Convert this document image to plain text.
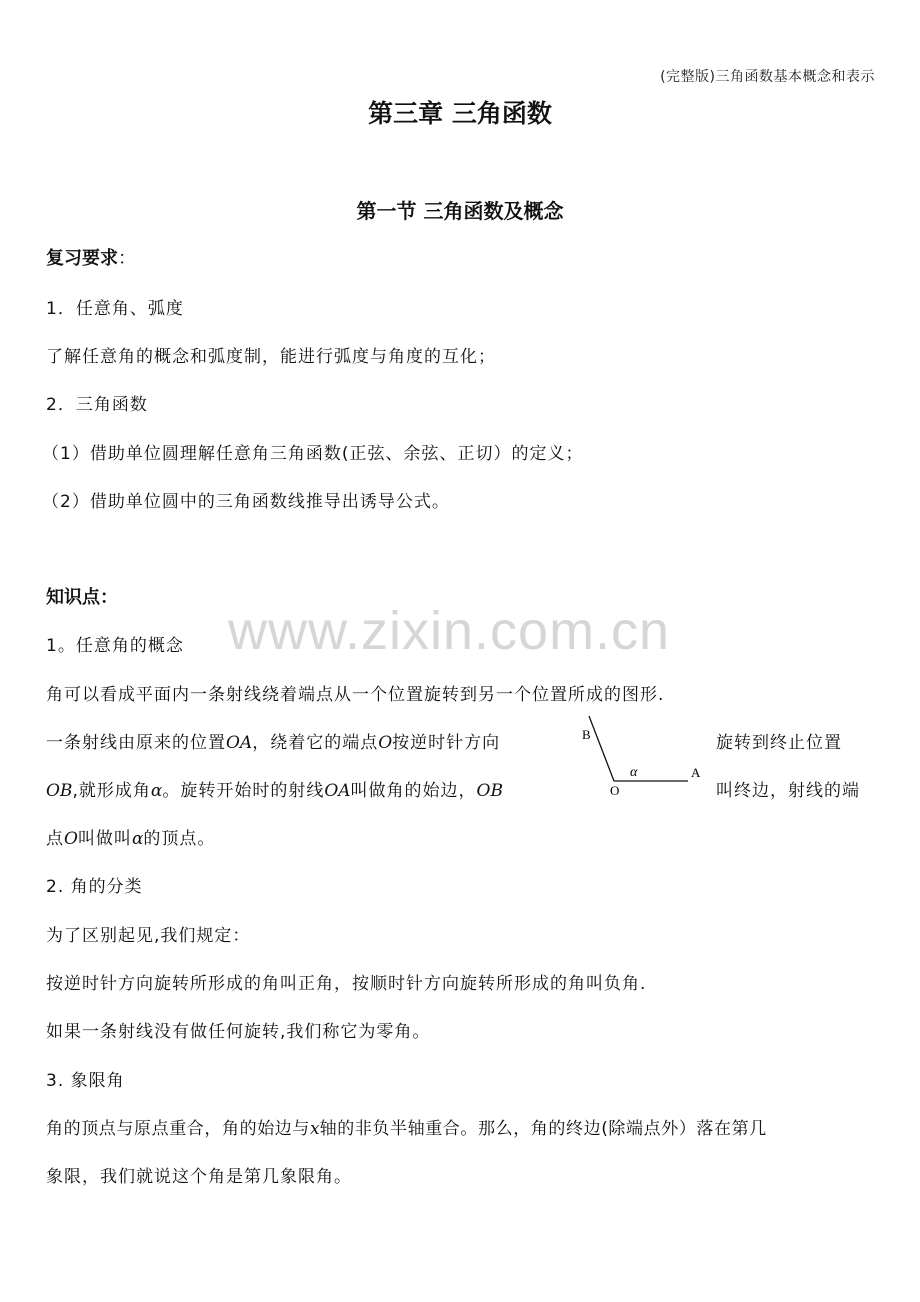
(完整版)三角函数基本概念和表示
第三章 三角函数
第一节 三角函数及概念
复习要求：
1．任意角、弧度
了解任意角的概念和弧度制，能进行弧度与角度的互化；
2．三角函数
（1）借助单位圆理解任意角三角函数(正弦、余弦、正切）的定义；
（2）借助单位圆中的三角函数线推导出诱导公式。
www.zixin.com.cn
知识点：
1。任意角的概念
角可以看成平面内一条射线绕着端点从一个位置旋转到另一个位置所成的图形.
一条射线由原来的位置OA，绕着它的端点O按逆时针方向	旋转到终止位置
OB,就形成角α。旋转开始时的射线OA叫做角的始边，OB	叫终边，射线的端
点O叫做叫α的顶点。
B
O
A
α
2. 角的分类
为了区别起见,我们规定：
按逆时针方向旋转所形成的角叫正角，按顺时针方向旋转所形成的角叫负角.
如果一条射线没有做任何旋转,我们称它为零角。
3. 象限角
角的顶点与原点重合，角的始边与x轴的非负半轴重合。那么，角的终边(除端点外）落在第几
象限，我们就说这个角是第几象限角。
